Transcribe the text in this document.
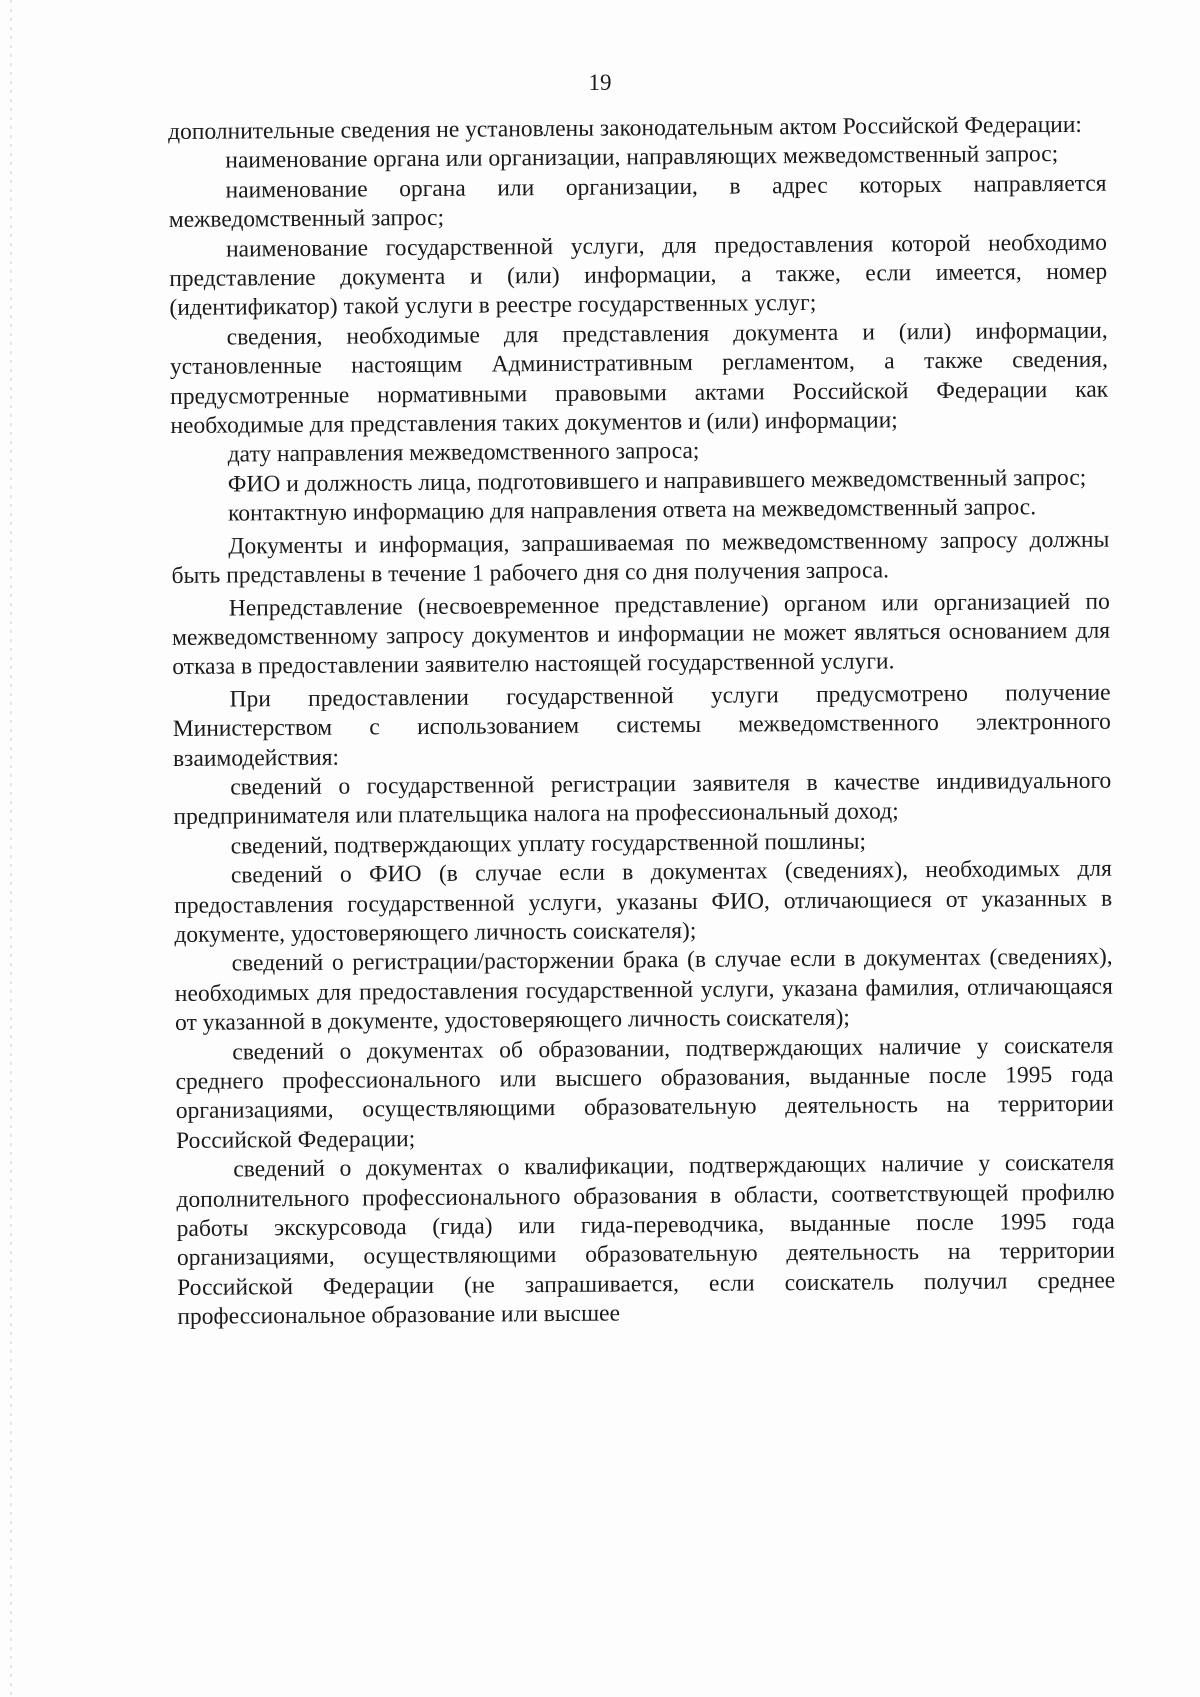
19

дополнительные сведения не установлены законодательным актом Российской Федерации:

наименование органа или организации, направляющих межведомственный запрос;

наименование органа или организации, в адрес которых направляется межведомственный запрос;

наименование государственной услуги, для предоставления которой необходимо представление документа и (или) информации, а также, если имеется, номер (идентификатор) такой услуги в реестре государственных услуг;

сведения, необходимые для представления документа и (или) информации, установленные настоящим Административным регламентом, а также сведения, предусмотренные нормативными правовыми актами Российской Федерации как необходимые для представления таких документов и (или) информации;

дату направления межведомственного запроса;

ФИО и должность лица, подготовившего и направившего межведомственный запрос;

контактную информацию для направления ответа на межведомственный запрос.

Документы и информация, запрашиваемая по межведомственному запросу должны быть представлены в течение 1 рабочего дня со дня получения запроса.

Непредставление (несвоевременное представление) органом или организацией по межведомственному запросу документов и информации не может являться основанием для отказа в предоставлении заявителю настоящей государственной услуги.

При предоставлении государственной услуги предусмотрено получение Министерством с использованием системы межведомственного электронного взаимодействия:

сведений о государственной регистрации заявителя в качестве индивидуального предпринимателя или плательщика налога на профессиональный доход;

сведений, подтверждающих уплату государственной пошлины;

сведений о ФИО (в случае если в документах (сведениях), необходимых для предоставления государственной услуги, указаны ФИО, отличающиеся от указанных в документе, удостоверяющего личность соискателя);

сведений о регистрации/расторжении брака (в случае если в документах (сведениях), необходимых для предоставления государственной услуги, указана фамилия, отличающаяся от указанной в документе, удостоверяющего личность соискателя);

сведений о документах об образовании, подтверждающих наличие у соискателя среднего профессионального или высшего образования, выданные после 1995 года организациями, осуществляющими образовательную деятельность на территории Российской Федерации;

сведений о документах о квалификации, подтверждающих наличие у соискателя дополнительного профессионального образования в области, соответствующей профилю работы экскурсовода (гида) или гида-переводчика, выданные после 1995 года организациями, осуществляющими образовательную деятельность на территории Российской Федерации (не запрашивается, если соискатель получил среднее профессиональное образование или высшее
